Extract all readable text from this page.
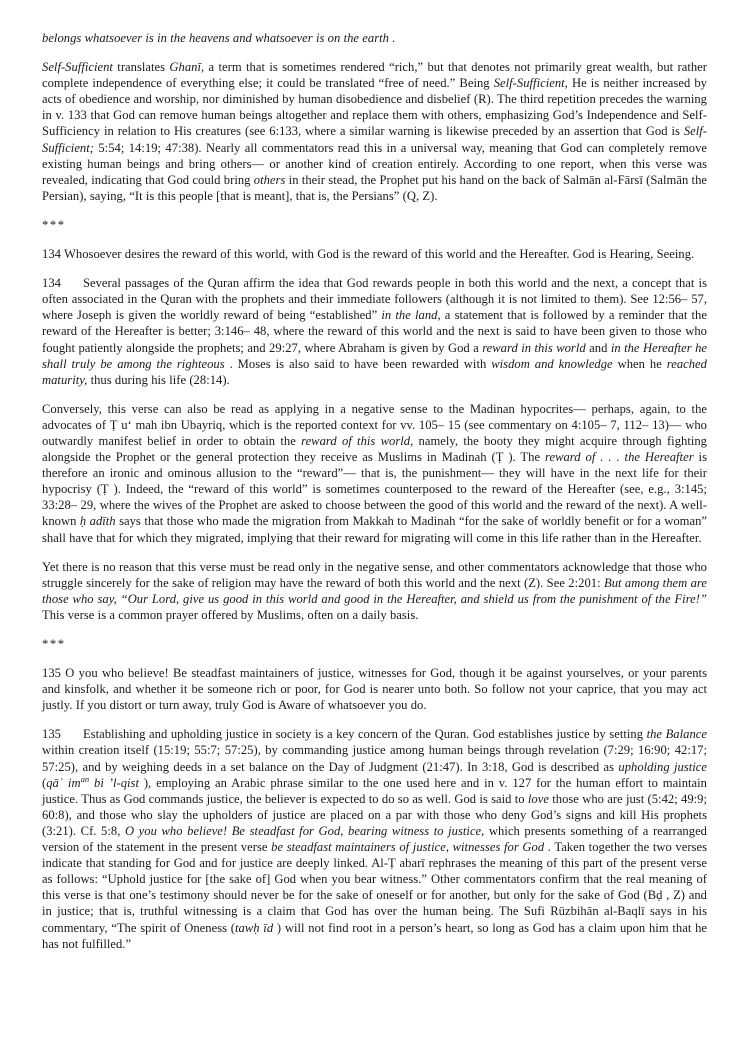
belongs whatsoever is in the heavens and whatsoever is on the earth .

Self-Sufficient translates Ghanī, a term that is sometimes rendered “rich,” but that denotes not primarily great wealth, but rather complete independence of everything else; it could be translated “free of need.” Being Self-Sufficient, He is neither increased by acts of obedience and worship, nor diminished by human disobedience and disbelief (R). The third repetition precedes the warning in v. 133 that God can remove human beings altogether and replace them with others, emphasizing God’s Independence and Self-Sufficiency in relation to His creatures (see 6:133, where a similar warning is likewise preceded by an assertion that God is Self-Sufficient; 5:54; 14:19; 47:38). Nearly all commentators read this in a universal way, meaning that God can completely remove existing human beings and bring others— or another kind of creation entirely. According to one report, when this verse was revealed, indicating that God could bring others in their stead, the Prophet put his hand on the back of Salmān al-Fārsī (Salmān the Persian), saying, “It is this people [that is meant], that is, the Persians” (Q, Z).

***

134 Whosoever desires the reward of this world, with God is the reward of this world and the Hereafter. God is Hearing, Seeing.

134 Several passages of the Quran affirm the idea that God rewards people in both this world and the next, a concept that is often associated in the Quran with the prophets and their immediate followers (although it is not limited to them). See 12:56– 57, where Joseph is given the worldly reward of being “established” in the land, a statement that is followed by a reminder that the reward of the Hereafter is better; 3:146– 48, where the reward of this world and the next is said to have been given to those who fought patiently alongside the prophets; and 29:27, where Abraham is given by God a reward in this world and in the Hereafter he shall truly be among the righteous . Moses is also said to have been rewarded with wisdom and knowledge when he reached maturity, thus during his life (28:14).

Conversely, this verse can also be read as applying in a negative sense to the Madinan hypocrites— perhaps, again, to the advocates of Ṭ uʻ mah ibn Ubayriq, which is the reported context for vv. 105– 15 (see commentary on 4:105– 7, 112– 13)— who outwardly manifest belief in order to obtain the reward of this world, namely, the booty they might acquire through fighting alongside the Prophet or the general protection they receive as Muslims in Madinah (Ṭ ). The reward of . . . the Hereafter is therefore an ironic and ominous allusion to the “reward”— that is, the punishment— they will have in the next life for their hypocrisy (Ṭ ). Indeed, the “reward of this world” is sometimes counterposed to the reward of the Hereafter (see, e.g., 3:145; 33:28– 29, where the wives of the Prophet are asked to choose between the good of this world and the reward of the next). A well-known ḥ adīth says that those who made the migration from Makkah to Madinah “for the sake of worldly benefit or for a woman” shall have that for which they migrated, implying that their reward for migrating will come in this life rather than in the Hereafter.

Yet there is no reason that this verse must be read only in the negative sense, and other commentators acknowledge that those who struggle sincerely for the sake of religion may have the reward of both this world and the next (Z). See 2:201: But among them are those who say, “Our Lord, give us good in this world and good in the Hereafter, and shield us from the punishment of the Fire!” This verse is a common prayer offered by Muslims, often on a daily basis.

***

135 O you who believe! Be steadfast maintainers of justice, witnesses for God, though it be against yourselves, or your parents and kinsfolk, and whether it be someone rich or poor, for God is nearer unto both. So follow not your caprice, that you may act justly. If you distort or turn away, truly God is Aware of whatsoever you do.

135 Establishing and upholding justice in society is a key concern of the Quran. God establishes justice by setting the Balance within creation itself (15:19; 55:7; 57:25), by commanding justice among human beings through revelation (7:29; 16:90; 42:17; 57:25), and by weighing deeds in a set balance on the Day of Judgment (21:47). In 3:18, God is described as upholding justice (qāʾ $im^{an}$ bi ’l-qist ), employing an Arabic phrase similar to the one used here and in v. 127 for the human effort to maintain justice. Thus as God commands justice, the believer is expected to do so as well. God is said to love those who are just (5:42; 49:9; 60:8), and those who slay the upholders of justice are placed on a par with those who deny God’s signs and kill His prophets (3:21). Cf. 5:8, O you who believe! Be steadfast for God, bearing witness to justice, which presents something of a rearranged version of the statement in the present verse be steadfast maintainers of justice, witnesses for God . Taken together the two verses indicate that standing for God and for justice are deeply linked. Al-Ṭ abarī rephrases the meaning of this part of the present verse as follows: “Uphold justice for [the sake of] God when you bear witness.” Other commentators confirm that the real meaning of this verse is that one’s testimony should never be for the sake of oneself or for another, but only for the sake of God (Bḍ , Z) and in justice; that is, truthful witnessing is a claim that God has over the human being. The Sufi Rūzbihān al-Baqlī says in his commentary, “The spirit of Oneness (tawḥ īd ) will not find root in a person’s heart, so long as God has a claim upon him that he has not fulfilled.”
